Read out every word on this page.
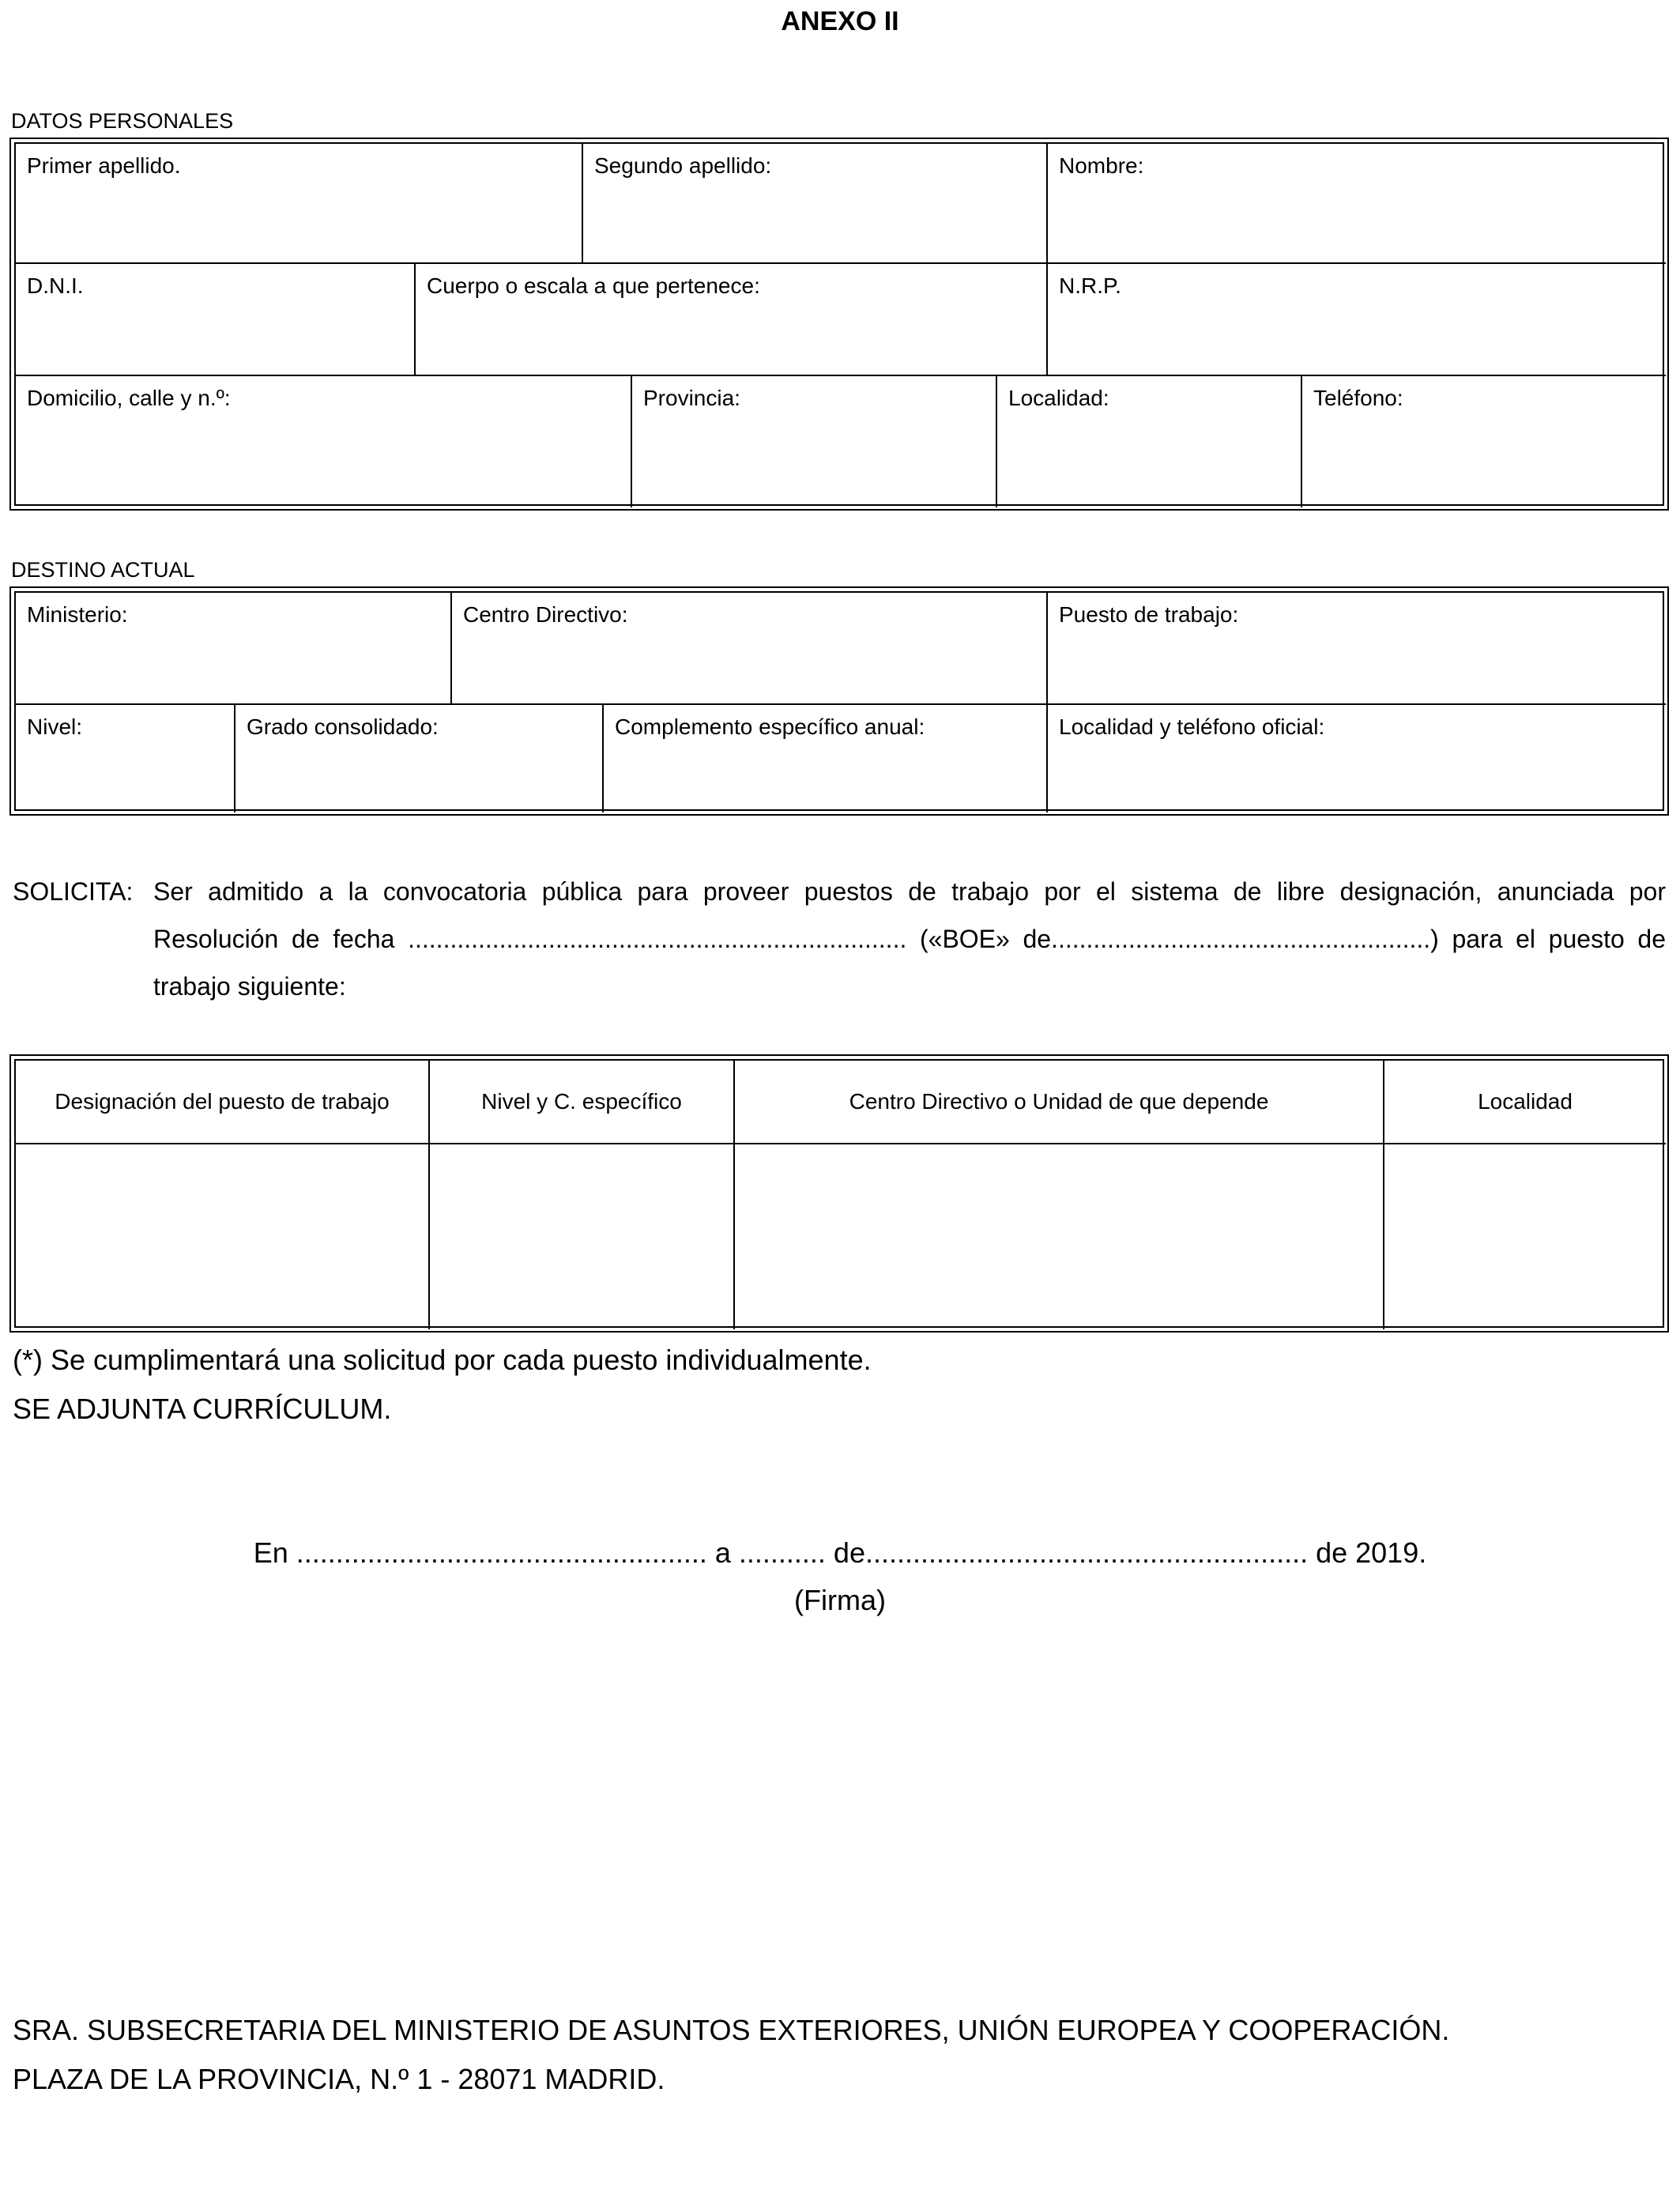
ANEXO II
DATOS PERSONALES
Primer apellido.	Segundo apellido:	Nombre:
D.N.I.	Cuerpo o escala a que pertenece:	N.R.P.
Domicilio, calle y n.º:	Provincia:	Localidad:	Teléfono:
DESTINO ACTUAL
Ministerio:	Centro Directivo:	Puesto de trabajo:
Nivel:	Grado consolidado:	Complemento específico anual:	Localidad y teléfono oficial:
SOLICITA: Ser admitido a la convocatoria pública para proveer puestos de trabajo por el sistema de libre designación, anunciada por
Resolución de fecha ....................................................................... («BOE» de......................................................) para el puesto de
trabajo siguiente:
Designación del puesto de trabajo	Nivel y C. específico	Centro Directivo o Unidad de que depende	Localidad
(*) Se cumplimentará una solicitud por cada puesto individualmente.
SE ADJUNTA CURRÍCULUM.
En .................................................... a ........... de........................................................ de 2019.
(Firma)
SRA. SUBSECRETARIA DEL MINISTERIO DE ASUNTOS EXTERIORES, UNIÓN EUROPEA Y COOPERACIÓN.
PLAZA DE LA PROVINCIA, N.º 1 - 28071 MADRID.
